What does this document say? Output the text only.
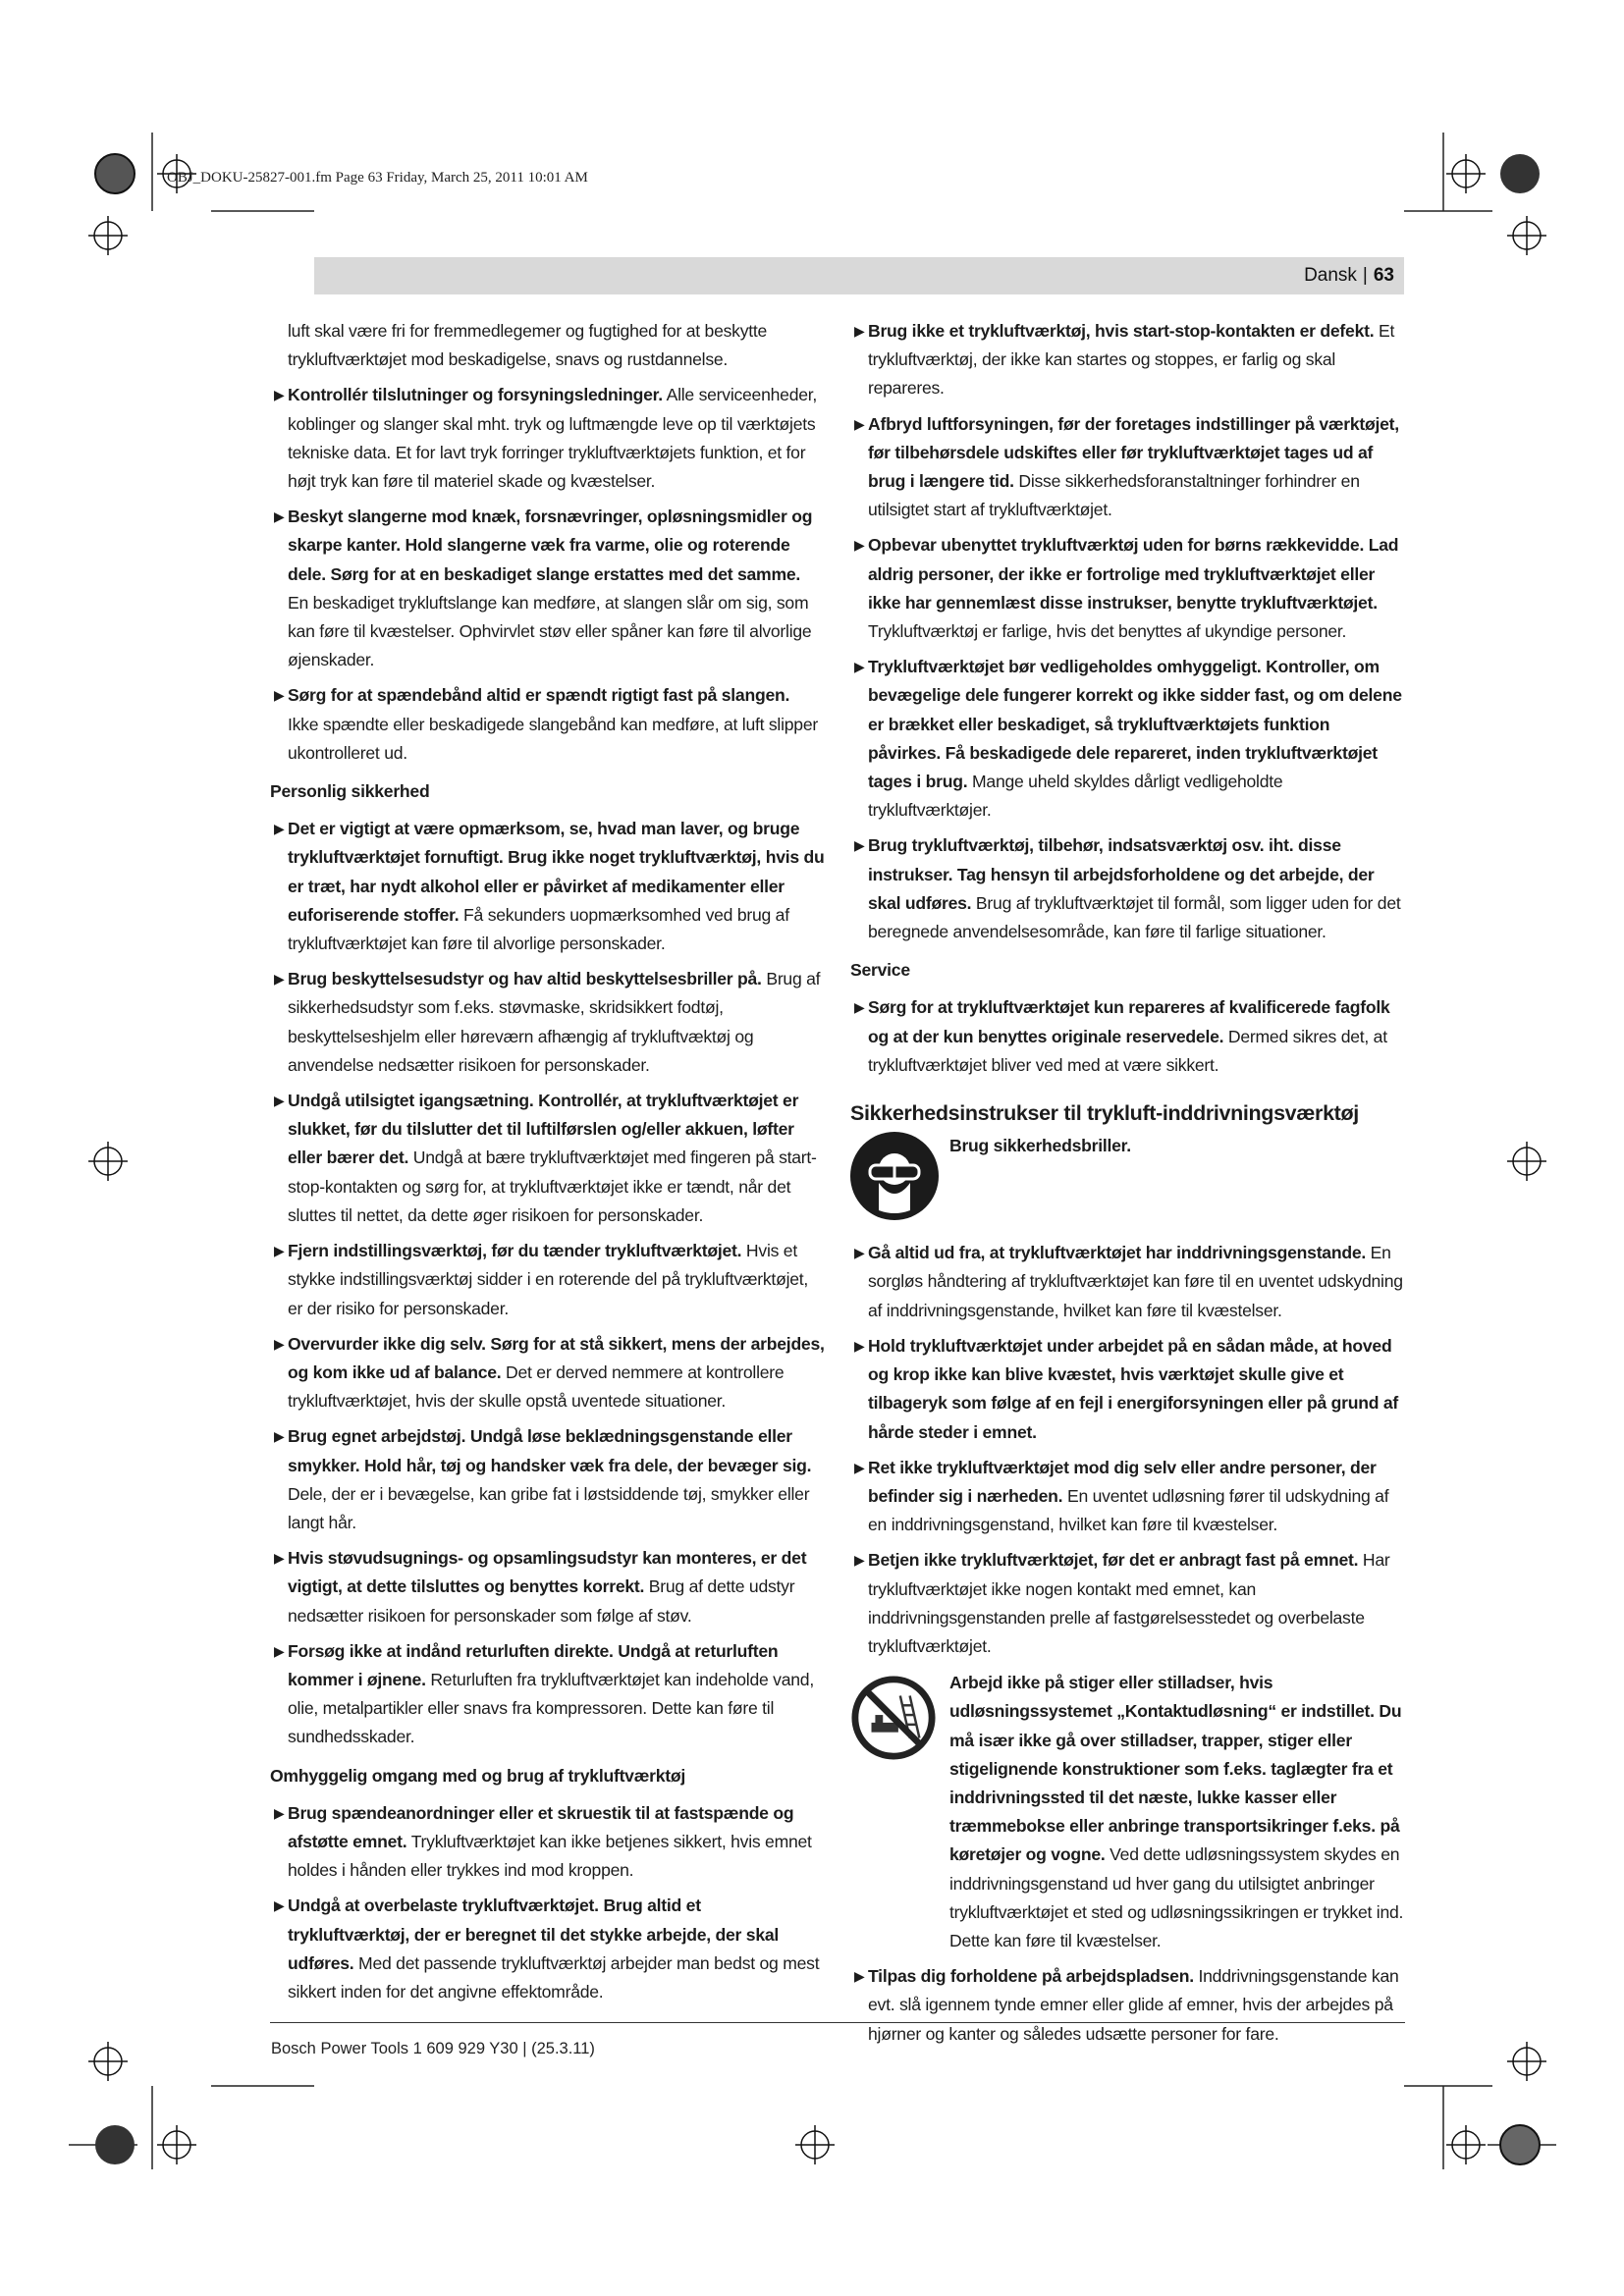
OBJ_DOKU-25827-001.fm Page 63 Friday, March 25, 2011 10:01 AM
Dansk | 63
luft skal være fri for fremmedlegemer og fugtighed for at beskytte trykluftværktøjet mod beskadigelse, snavs og rustdannelse.
▶ Kontrollér tilslutninger og forsyningsledninger. Alle serviceenheder, koblinger og slanger skal mht. tryk og luftmængde leve op til værktøjets tekniske data. Et for lavt tryk forringer trykluftværktøjets funktion, et for højt tryk kan føre til materiel skade og kvæstelser.
▶ Beskyt slangerne mod knæk, forsnævringer, opløsningsmidler og skarpe kanter. Hold slangerne væk fra varme, olie og roterende dele. Sørg for at en beskadiget slange erstattes med det samme. En beskadiget trykluftslange kan medføre, at slangen slår om sig, som kan føre til kvæstelser. Ophvirvlet støv eller spåner kan føre til alvorlige øjenskader.
▶ Sørg for at spændebånd altid er spændt rigtigt fast på slangen. Ikke spændte eller beskadigede slangebånd kan medføre, at luft slipper ukontrolleret ud.
Personlig sikkerhed
▶ Det er vigtigt at være opmærksom, se, hvad man laver, og bruge trykluftværktøjet fornuftigt. Brug ikke noget trykluftværktøj, hvis du er træt, har nydt alkohol eller er påvirket af medikamenter eller euforiserende stoffer. Få sekunders uopmærksomhed ved brug af trykluftværktøjet kan føre til alvorlige personskader.
▶ Brug beskyttelsesudstyr og hav altid beskyttelsesbriller på. Brug af sikkerhedsudstyr som f.eks. støvmaske, skridsikkert fodtøj, beskyttelseshjelm eller høreværn afhængig af trykluftvæktøj og anvendelse nedsætter risikoen for personskader.
▶ Undgå utilsigtet igangsætning. Kontrollér, at trykluftværktøjet er slukket, før du tilslutter det til luftilførslen og/eller akkuen, løfter eller bærer det. Undgå at bære trykluftværktøjet med fingeren på start-stop-kontakten og sørg for, at trykluftværktøjet ikke er tændt, når det sluttes til nettet, da dette øger risikoen for personskader.
▶ Fjern indstillingsværktøj, før du tænder trykluftværktøjet. Hvis et stykke indstillingsværktøj sidder i en roterende del på trykluftværktøjet, er der risiko for personskader.
▶ Overvurder ikke dig selv. Sørg for at stå sikkert, mens der arbejdes, og kom ikke ud af balance. Det er derved nemmere at kontrollere trykluftværktøjet, hvis der skulle opstå uventede situationer.
▶ Brug egnet arbejdstøj. Undgå løse beklædningsgenstande eller smykker. Hold hår, tøj og handsker væk fra dele, der bevæger sig. Dele, der er i bevægelse, kan gribe fat i løstsiddende tøj, smykker eller langt hår.
▶ Hvis støvudsugnings- og opsamlingsudstyr kan monteres, er det vigtigt, at dette tilsluttes og benyttes korrekt. Brug af dette udstyr nedsætter risikoen for personskader som følge af støv.
▶ Forsøg ikke at indånd returluften direkte. Undgå at returluften kommer i øjnene. Returluften fra trykluftværktøjet kan indeholde vand, olie, metalpartikler eller snavs fra kompressoren. Dette kan føre til sundhedsskader.
Omhyggelig omgang med og brug af trykluftværktøj
▶ Brug spændeanordninger eller et skruestik til at fastspænde og afstøtte emnet. Trykluftværktøjet kan ikke betjenes sikkert, hvis emnet holdes i hånden eller trykkes ind mod kroppen.
▶ Undgå at overbelaste trykluftværktøjet. Brug altid et trykluftværktøj, der er beregnet til det stykke arbejde, der skal udføres. Med det passende trykluftværktøj arbejder man bedst og mest sikkert inden for det angivne effektområde.
▶ Brug ikke et trykluftværktøj, hvis start-stop-kontakten er defekt. Et trykluftværktøj, der ikke kan startes og stoppes, er farlig og skal repareres.
▶ Afbryd luftforsyningen, før der foretages indstillinger på værktøjet, før tilbehørsdele udskiftes eller før trykluftværktøjet tages ud af brug i længere tid. Disse sikkerhedsforanstaltninger forhindrer en utilsigtet start af trykluftværktøjet.
▶ Opbevar ubenyttet trykluftværktøj uden for børns rækkevidde. Lad aldrig personer, der ikke er fortrolige med trykluftværktøjet eller ikke har gennemlæst disse instrukser, benytte trykluftværktøjet. Trykluftværktøj er farlige, hvis det benyttes af ukyndige personer.
▶ Trykluftværktøjet bør vedligeholdes omhyggeligt. Kontroller, om bevægelige dele fungerer korrekt og ikke sidder fast, og om delene er brækket eller beskadiget, så trykluftværktøjets funktion påvirkes. Få beskadigede dele repareret, inden trykluftværktøjet tages i brug. Mange uheld skyldes dårligt vedligeholdte trykluftværktøjer.
▶ Brug trykluftværktøj, tilbehør, indsatsværktøj osv. iht. disse instrukser. Tag hensyn til arbejdsforholdene og det arbejde, der skal udføres. Brug af trykluftværktøjet til formål, som ligger uden for det beregnede anvendelsesområde, kan føre til farlige situationer.
Service
▶ Sørg for at trykluftværktøjet kun repareres af kvalificerede fagfolk og at der kun benyttes originale reservedele. Dermed sikres det, at trykluftværktøjet bliver ved med at være sikkert.
Sikkerhedsinstrukser til trykluft-inddrivningsværktøj
Brug sikkerhedsbriller.
▶ Gå altid ud fra, at trykluftværktøjet har inddrivningsgenstande. En sorgløs håndtering af trykluftværktøjet kan føre til en uventet udskydning af inddrivningsgenstande, hvilket kan føre til kvæstelser.
▶ Hold trykluftværktøjet under arbejdet på en sådan måde, at hoved og krop ikke kan blive kvæstet, hvis værktøjet skulle give et tilbageryk som følge af en fejl i energiforsyningen eller på grund af hårde steder i emnet.
▶ Ret ikke trykluftværktøjet mod dig selv eller andre personer, der befinder sig i nærheden. En uventet udløsning fører til udskydning af en inddrivningsgenstand, hvilket kan føre til kvæstelser.
▶ Betjen ikke trykluftværktøjet, før det er anbragt fast på emnet. Har trykluftværktøjet ikke nogen kontakt med emnet, kan inddrivningsgenstanden prelle af fastgørelsesstedet og overbelaste trykluftværktøjet.
Arbejd ikke på stiger eller stilladser, hvis udløsningssystemet „Kontaktudløsning“ er indstillet. Du må især ikke gå over stilladser, trapper, stiger eller stigelignende konstruktioner som f.eks. taglægter fra et inddrivningssted til det næste, lukke kasser eller træmmebokse eller anbringe transportsikringer f.eks. på køretøjer og vogne. Ved dette udløsningssystem skydes en inddrivningsgenstand ud hver gang du utilsigtet anbringer trykluftværktøjet et sted og udløsningssikringen er trykket ind. Dette kan føre til kvæstelser.
▶ Tilpas dig forholdene på arbejdspladsen. Inddrivningsgenstande kan evt. slå igennem tynde emner eller glide af emner, hvis der arbejdes på hjørner og kanter og således udsætte personer for fare.
Bosch Power Tools 1 609 929 Y30 | (25.3.11)
